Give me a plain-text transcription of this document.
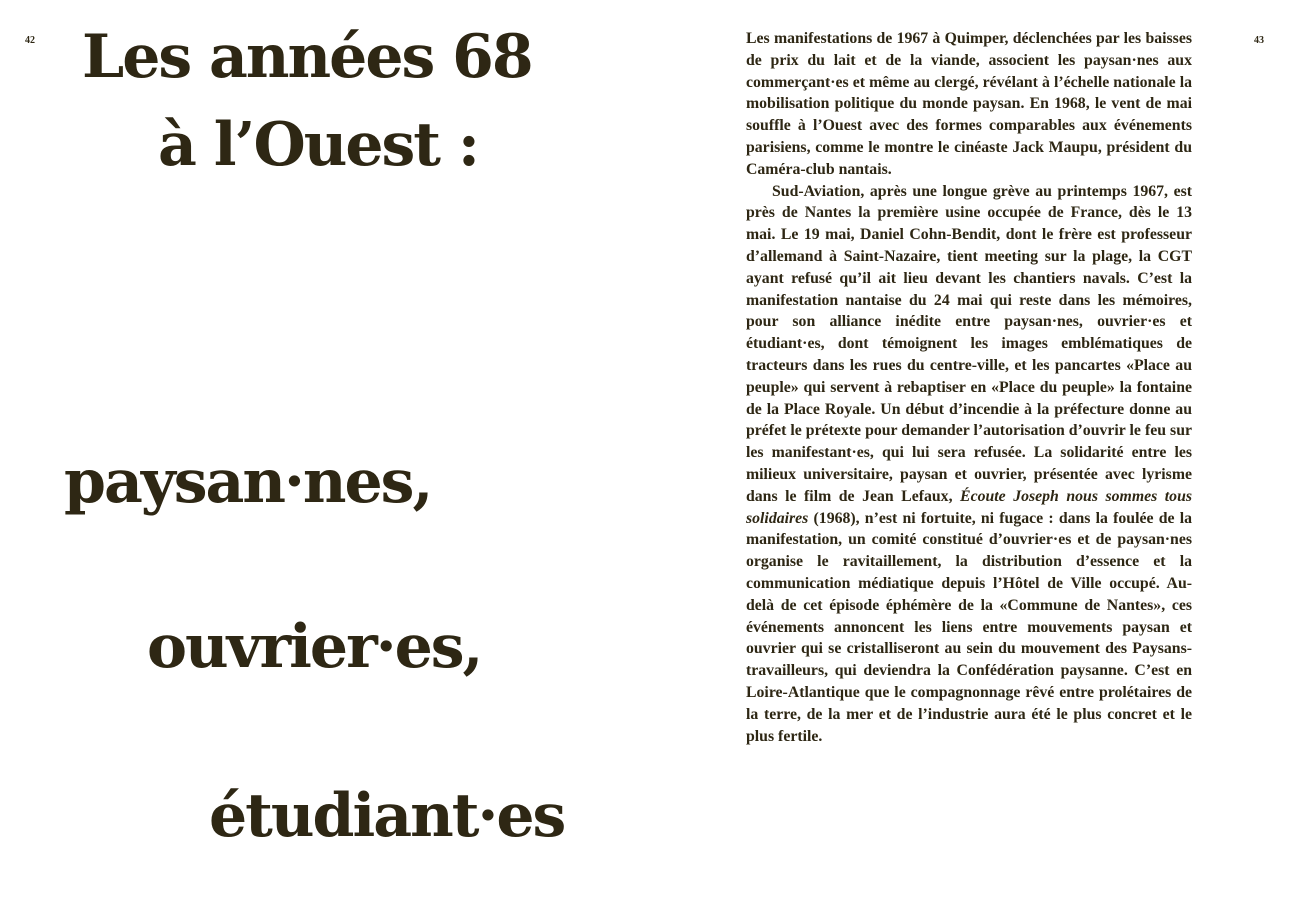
42	43
Les années 68
à l’Ouest :
paysan·nes,
ouvrier·es,
étudiant·es

Les manifestations de 1967 à Quimper, déclenchées par les baisses de prix du lait et de la viande, associent les paysan·nes aux commerçant·es et même au clergé, révélant à l’échelle nationale la mobilisation politique du monde paysan. En 1968, le vent de mai souffle à l’Ouest avec des formes comparables aux événements parisiens, comme le montre le cinéaste Jack Maupu, président du Caméra-club nantais.

Sud-Aviation, après une longue grève au printemps 1967, est près de Nantes la première usine occupée de France, dès le 13 mai. Le 19 mai, Daniel Cohn-Bendit, dont le frère est professeur d’allemand à Saint-Nazaire, tient meeting sur la plage, la CGT ayant refusé qu’il ait lieu devant les chantiers navals. C’est la manifestation nantaise du 24 mai qui reste dans les mémoires, pour son alliance inédite entre paysan·nes, ouvrier·es et étudiant·es, dont témoignent les images emblématiques de tracteurs dans les rues du centre-ville, et les pancartes «Place au peuple» qui servent à rebaptiser en «Place du peuple» la fontaine de la Place Royale. Un début d’incendie à la préfecture donne au préfet le prétexte pour demander l’autorisation d’ouvrir le feu sur les manifestant·es, qui lui sera refusée. La solidarité entre les milieux universitaire, paysan et ouvrier, présentée avec lyrisme dans le film de Jean Lefaux, Écoute Joseph nous sommes tous solidaires (1968), n’est ni fortuite, ni fugace : dans la foulée de la manifestation, un comité constitué d’ouvrier·es et de paysan·nes organise le ravitaillement, la distribution d’essence et la communication médiatique depuis l’Hôtel de Ville occupé. Au-delà de cet épisode éphémère de la «Commune de Nantes», ces événements annoncent les liens entre mouvements paysan et ouvrier qui se cristalliseront au sein du mouvement des Paysans-travailleurs, qui deviendra la Confédération paysanne. C’est en Loire-Atlantique que le compagnonnage rêvé entre prolétaires de la terre, de la mer et de l’industrie aura été le plus concret et le plus fertile.
